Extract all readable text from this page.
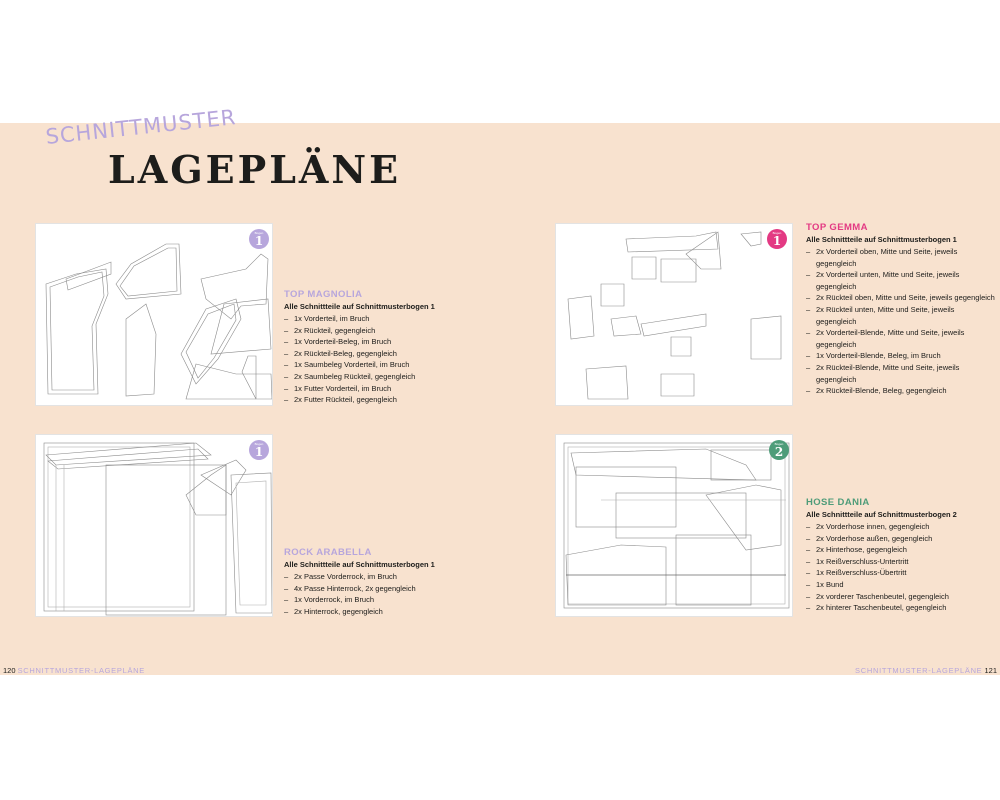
SCHNITTMUSTER
LAGEPLÄNE
Bogen
1
TOP MAGNOLIA
Alle Schnittteile auf Schnittmusterbogen 1
– 1x Vorderteil, im Bruch
– 2x Rückteil, gegengleich
– 1x Vorderteil-Beleg, im Bruch
– 2x Rückteil-Beleg, gegengleich
– 1x Saumbeleg Vorderteil, im Bruch
– 2x Saumbeleg Rückteil, gegengleich
– 1x Futter Vorderteil, im Bruch
– 2x Futter Rückteil, gegengleich
Bogen
1
ROCK ARABELLA
Alle Schnittteile auf Schnittmusterbogen 1
– 2x Passe Vorderrock, im Bruch
– 4x Passe Hinterrock, 2x gegengleich
– 1x Vorderrock, im Bruch
– 2x Hinterrock, gegengleich
Bogen
1
TOP GEMMA
Alle Schnittteile auf Schnittmusterbogen 1
– 2x Vorderteil oben, Mitte und Seite, jeweils gegengleich
– 2x Vorderteil unten, Mitte und Seite, jeweils gegengleich
– 2x Rückteil oben, Mitte und Seite, jeweils gegengleich
– 2x Rückteil unten, Mitte und Seite, jeweils gegengleich
– 2x Vorderteil-Blende, Mitte und Seite, jeweils gegengleich
– 1x Vorderteil-Blende, Beleg, im Bruch
– 2x Rückteil-Blende, Mitte und Seite, jeweils gegengleich
– 2x Rückteil-Blende, Beleg, gegengleich
Bogen
2
HOSE DANIA
Alle Schnittteile auf Schnittmusterbogen 2
– 2x Vorderhose innen, gegengleich
– 2x Vorderhose außen, gegengleich
– 2x Hinterhose, gegengleich
– 1x Reißverschluss-Untertritt
– 1x Reißverschluss-Übertritt
– 1x Bund
– 2x vorderer Taschenbeutel, gegengleich
– 2x hinterer Taschenbeutel, gegengleich
120 SCHNITTMUSTER-LAGEPLÄNE	SCHNITTMUSTER-LAGEPLÄNE 121
